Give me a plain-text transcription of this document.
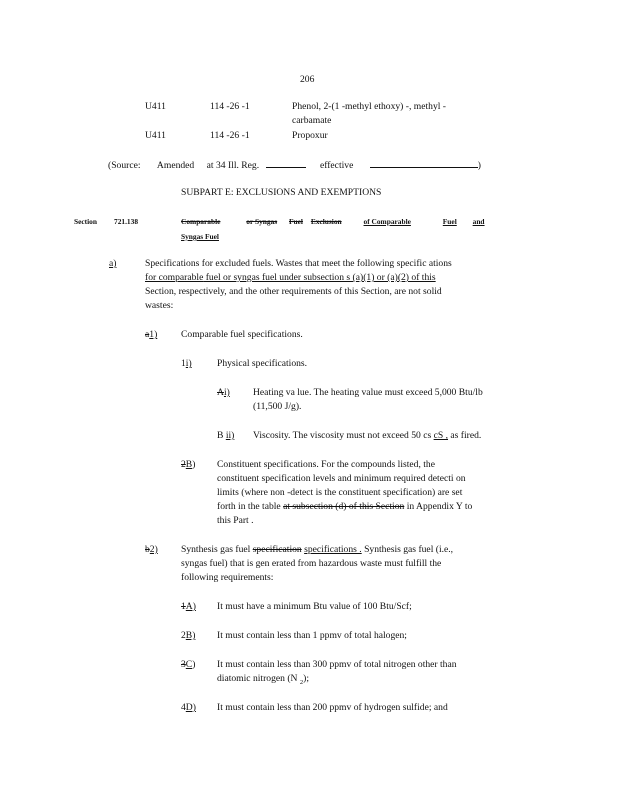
206
U411	114 -26 -1	Phenol, 2-(1 -methyl ethoxy) -, methyl -
carbamate
U411	114 -26 -1	Propoxur
(Source: Amended at 34 Ill. Reg.	effective	)
SUBPART E: EXCLUSIONS AND EXEMPTIONS
Section 721.138	Comparable	or Syngas Fuel Exclusion	of Comparable	Fuel and
Syngas Fuel
a)	Specifications for excluded fuels. Wastes that meet the following specific ations
for comparable fuel or syngas fuel under subsection s (a)(1) or (a)(2) of this
Section, respectively, and the other requirements of this Section, are not solid
wastes:
a1) Comparable fuel specifications.
1i)	Physical specifications.
Ai) Heating va lue. The heating value must exceed 5,000 Btu/lb
(11,500 J/g).
B ii) Viscosity. The viscosity must not exceed 50 cs cS , as fired.
2B) Constituent specifications. For the compounds listed, the
constituent specification levels and minimum required detecti on
limits (where non -detect is the constituent specification) are set
forth in the table at subsection (d) of this Section in Appendix Y to
this Part .
b2) Synthesis gas fuel specification specifications . Synthesis gas fuel (i.e.,
syngas fuel) that is gen erated from hazardous waste must fulfill the
following requirements:
1A) It must have a minimum Btu value of 100 Btu/Scf;
2B) It must contain less than 1 ppmv of total halogen;
3C) It must contain less than 300 ppmv of total nitrogen other than
diatomic nitrogen (N $_2$);
4D) It must contain less than 200 ppmv of hydrogen sulfide; and
